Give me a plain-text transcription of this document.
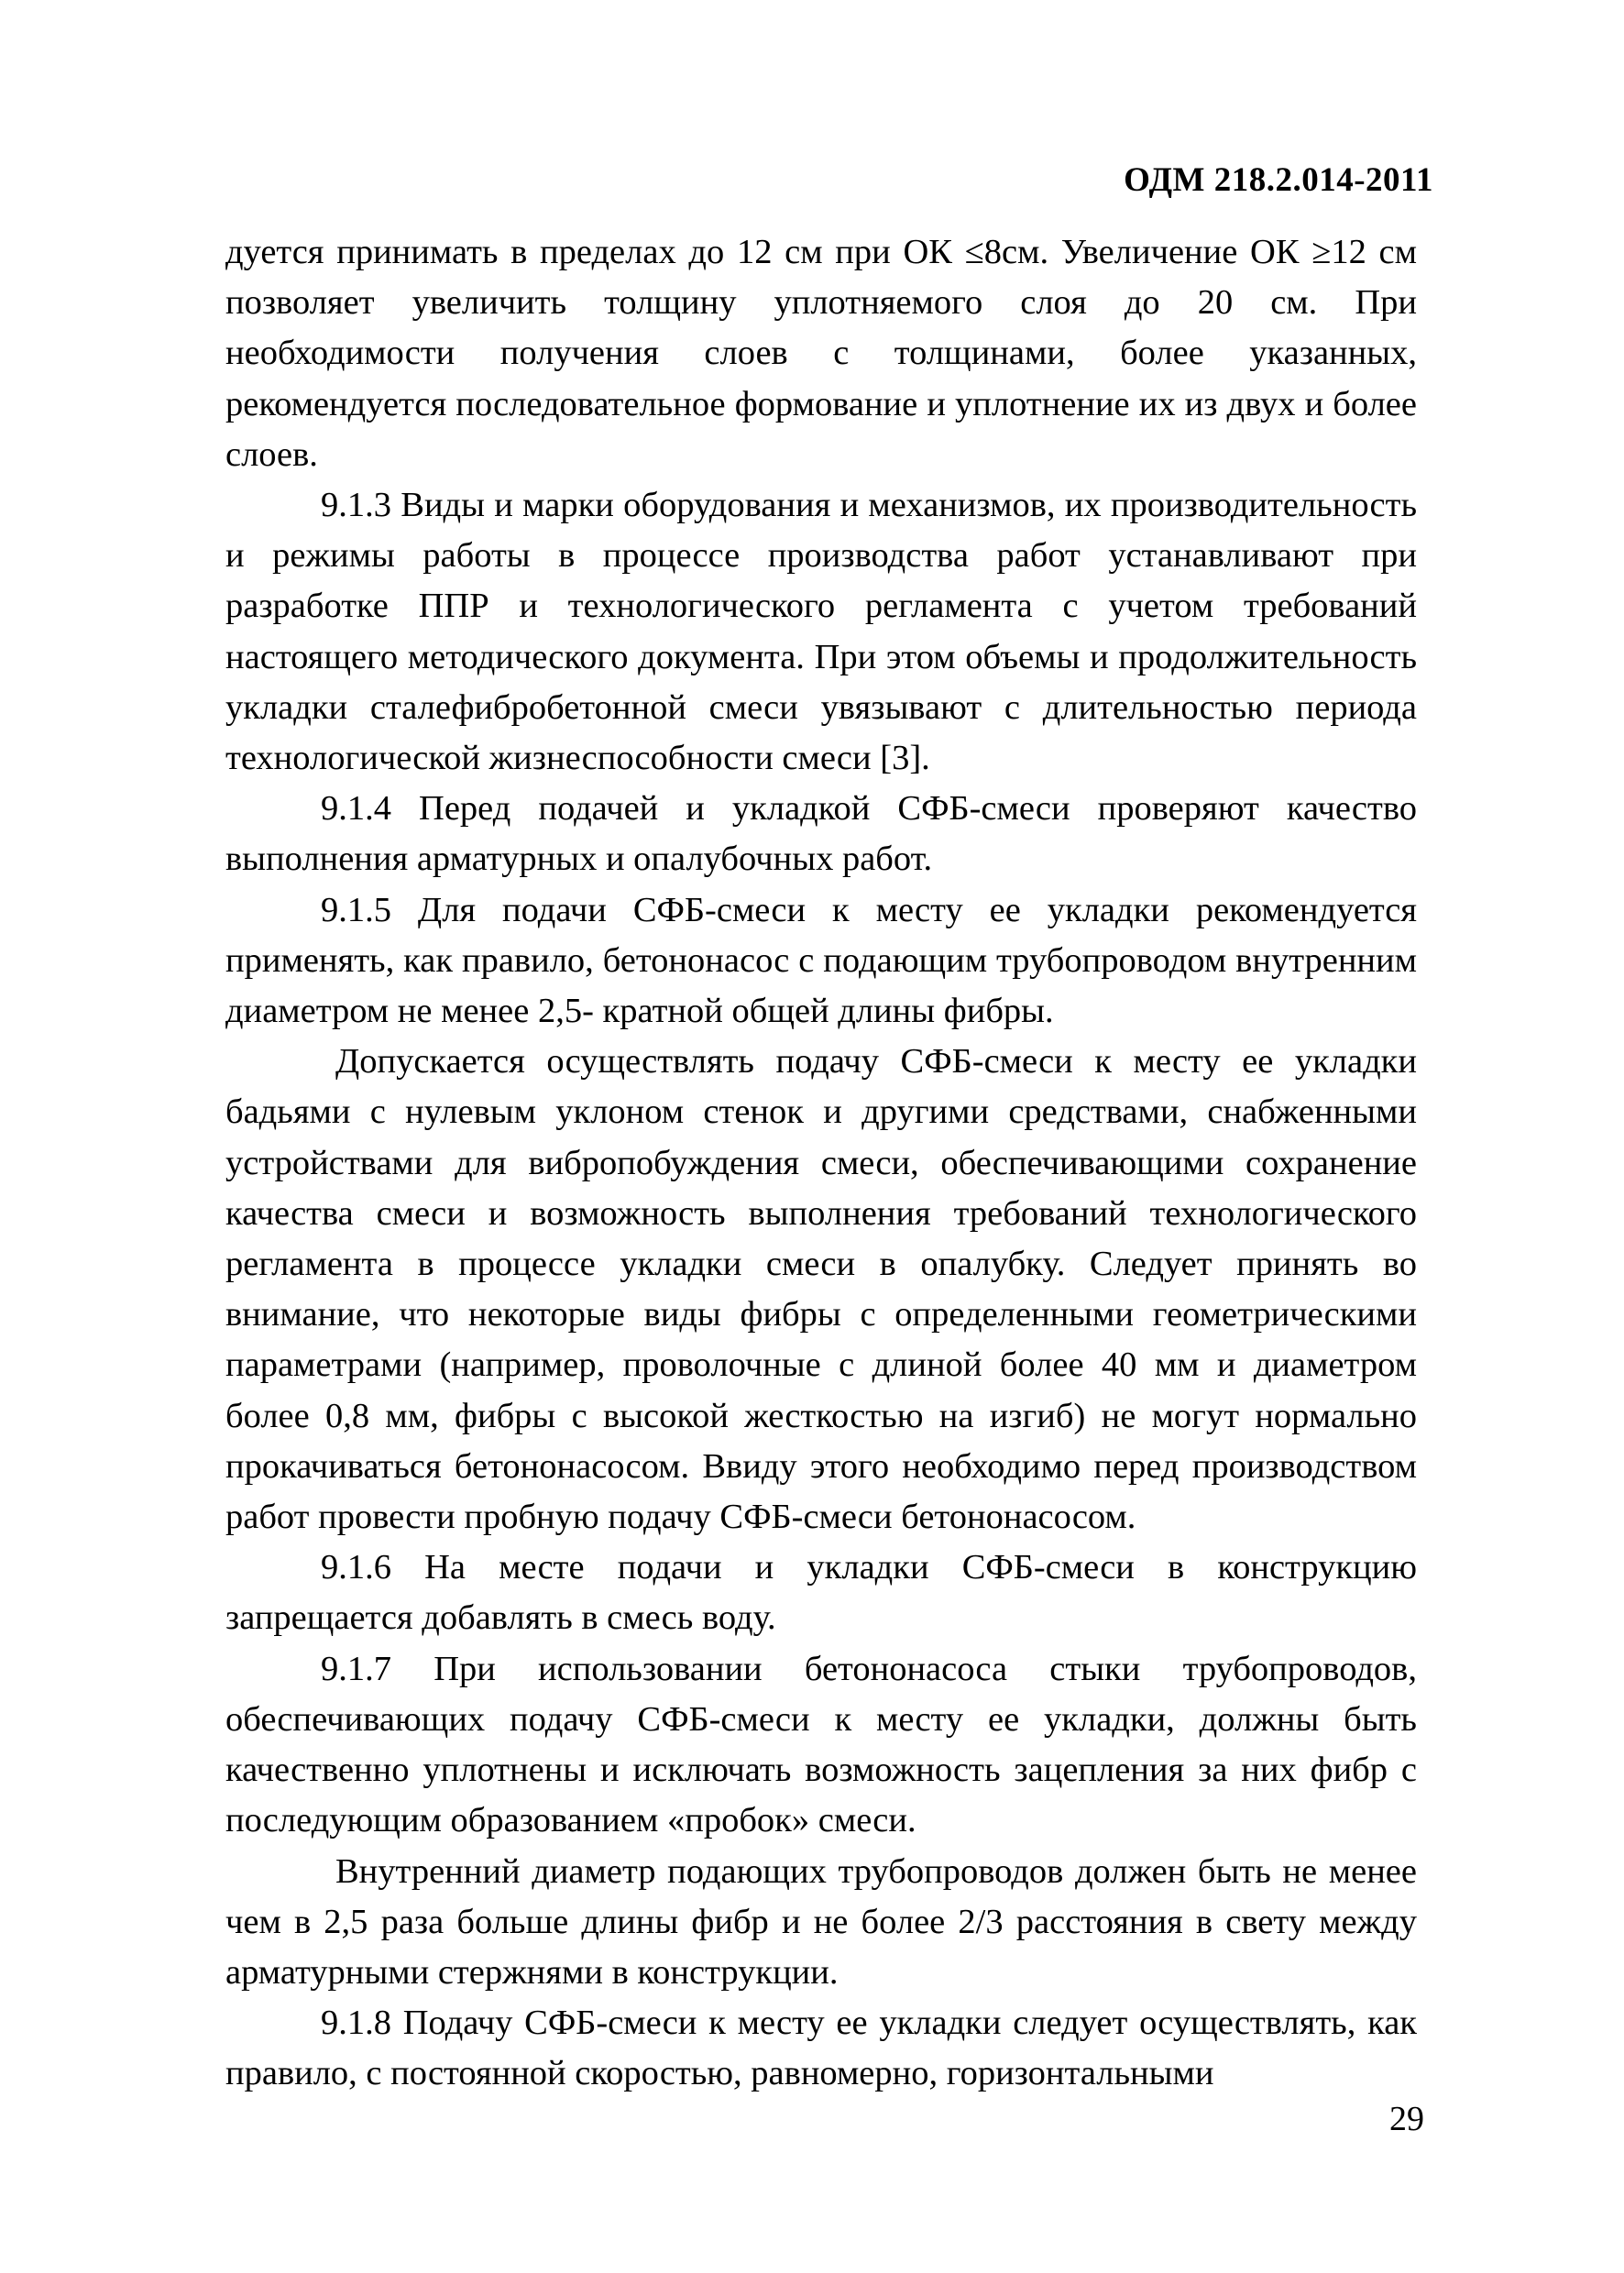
ОДМ 218.2.014-2011

дуется принимать в пределах до 12 см при ОК ≤8см. Увеличение ОК ≥12 см позволяет увеличить толщину уплотняемого слоя до 20 см. При необходимости получения слоев с толщинами, более указанных, рекомендуется последовательное формование и уплотнение их из двух и более слоев.

9.1.3 Виды и марки оборудования и механизмов, их производительность и режимы работы в процессе производства работ устанавливают при разработке ППР и технологического регламента с учетом требований настоящего методического документа. При этом объемы и продолжительность укладки сталефибробетонной смеси увязывают с длительностью периода технологической жизнеспособности смеси [3].

9.1.4 Перед подачей и укладкой СФБ-смеси проверяют качество выполнения арматурных и опалубочных работ.

9.1.5 Для подачи СФБ-смеси к месту ее укладки рекомендуется применять, как правило, бетононасос с подающим трубопроводом внутренним диаметром не менее 2,5- кратной общей длины фибры.

Допускается осуществлять подачу СФБ-смеси к месту ее укладки бадьями с нулевым уклоном стенок и другими средствами, снабженными устройствами для вибропобуждения смеси, обеспечивающими сохранение качества смеси и возможность выполнения требований технологического регламента в процессе укладки смеси в опалубку. Следует принять во внимание, что некоторые виды фибры с определенными геометрическими параметрами (например, проволочные с длиной более 40 мм и диаметром более 0,8 мм, фибры с высокой жесткостью на изгиб) не могут нормально прокачиваться бетононасосом. Ввиду этого необходимо перед производством работ провести пробную подачу СФБ-смеси бетононасосом.

9.1.6 На месте подачи и укладки СФБ-смеси в конструкцию запрещается добавлять в смесь воду.

9.1.7 При использовании бетононасоса стыки трубопроводов, обеспечивающих подачу СФБ-смеси к месту ее укладки, должны быть качественно уплотнены и исключать возможность зацепления за них фибр с последующим образованием «пробок» смеси.

Внутренний диаметр подающих трубопроводов должен быть не менее чем в 2,5 раза больше длины фибр и не более 2/3 расстояния в свету между арматурными стержнями в конструкции.

9.1.8 Подачу СФБ-смеси к месту ее укладки следует осуществлять, как правило, с постоянной скоростью, равномерно, горизонтальными

29
